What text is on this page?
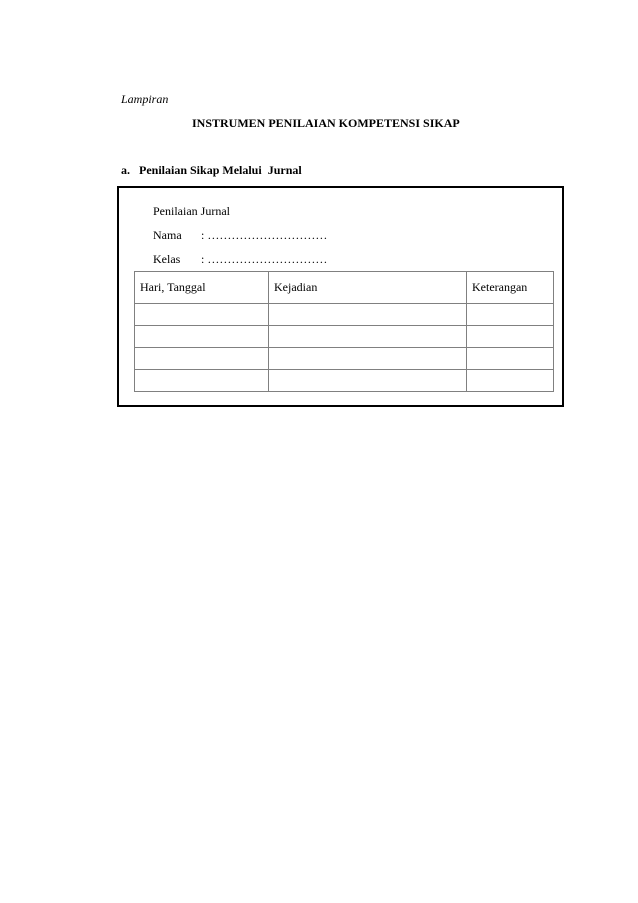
Lampiran
INSTRUMEN PENILAIAN KOMPETENSI SIKAP
a.   Penilaian Sikap Melalui  Jurnal
Penilaian Jurnal
Nama : …………………………
Kelas : …………………………
Hari, Tanggal	Kejadian	Keterangan
